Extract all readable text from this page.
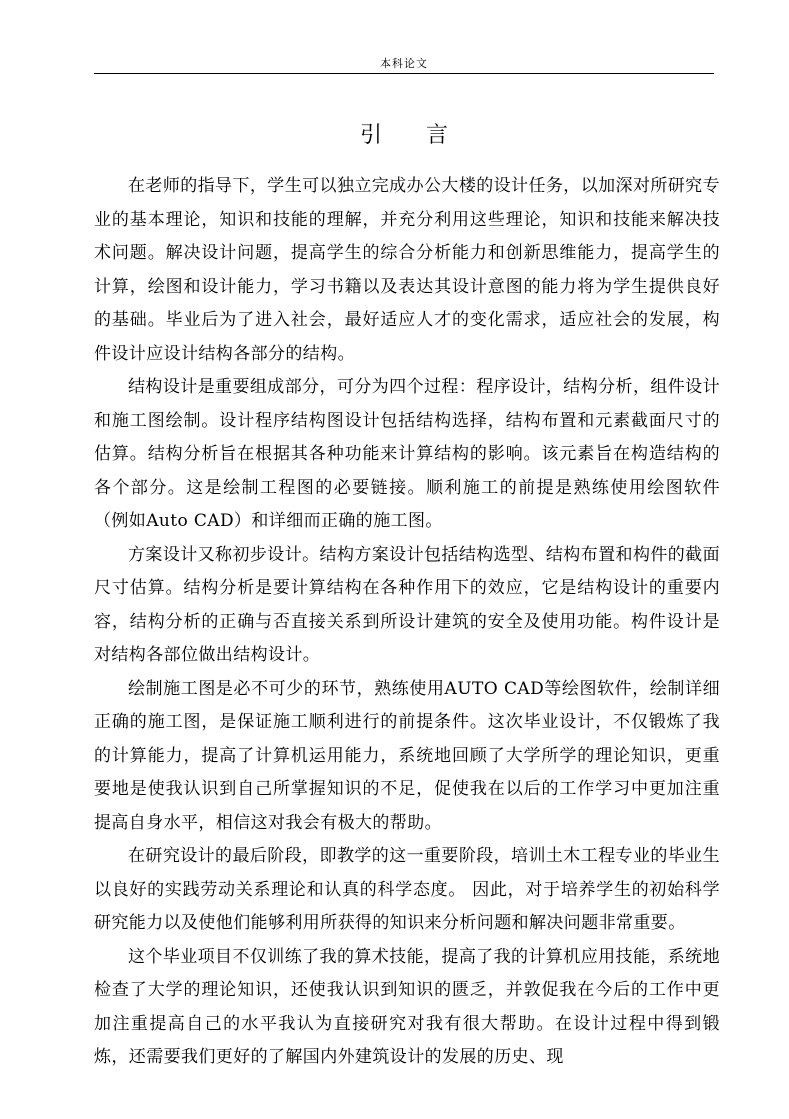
本科论文
引 言

在老师的指导下，学生可以独立完成办公大楼的设计任务，以加深对所研究专业的基本理论，知识和技能的理解，并充分利用这些理论，知识和技能来解决技术问题。解决设计问题，提高学生的综合分析能力和创新思维能力，提高学生的计算，绘图和设计能力，学习书籍以及表达其设计意图的能力将为学生提供良好的基础。毕业后为了进入社会，最好适应人才的变化需求，适应社会的发展，构件设计应设计结构各部分的结构。

结构设计是重要组成部分，可分为四个过程：程序设计，结构分析，组件设计和施工图绘制。设计程序结构图设计包括结构选择，结构布置和元素截面尺寸的估算。结构分析旨在根据其各种功能来计算结构的影响。该元素旨在构造结构的各个部分。这是绘制工程图的必要链接。顺利施工的前提是熟练使用绘图软件（例如Auto CAD）和详细而正确的施工图。

方案设计又称初步设计。结构方案设计包括结构选型、结构布置和构件的截面尺寸估算。结构分析是要计算结构在各种作用下的效应，它是结构设计的重要内容，结构分析的正确与否直接关系到所设计建筑的安全及使用功能。构件设计是对结构各部位做出结构设计。

绘制施工图是必不可少的环节，熟练使用AUTO CAD等绘图软件，绘制详细正确的施工图，是保证施工顺利进行的前提条件。这次毕业设计，不仅锻炼了我的计算能力，提高了计算机运用能力，系统地回顾了大学所学的理论知识，更重要地是使我认识到自己所掌握知识的不足，促使我在以后的工作学习中更加注重提高自身水平，相信这对我会有极大的帮助。

在研究设计的最后阶段，即教学的这一重要阶段，培训土木工程专业的毕业生以良好的实践劳动关系理论和认真的科学态度。 因此，对于培养学生的初始科学研究能力以及使他们能够利用所获得的知识来分析问题和解决问题非常重要。

这个毕业项目不仅训练了我的算术技能，提高了我的计算机应用技能，系统地检查了大学的理论知识，还使我认识到知识的匮乏，并敦促我在今后的工作中更加注重提高自己的水平我认为直接研究对我有很大帮助。在设计过程中得到锻炼，还需要我们更好的了解国内外建筑设计的发展的历史、现
